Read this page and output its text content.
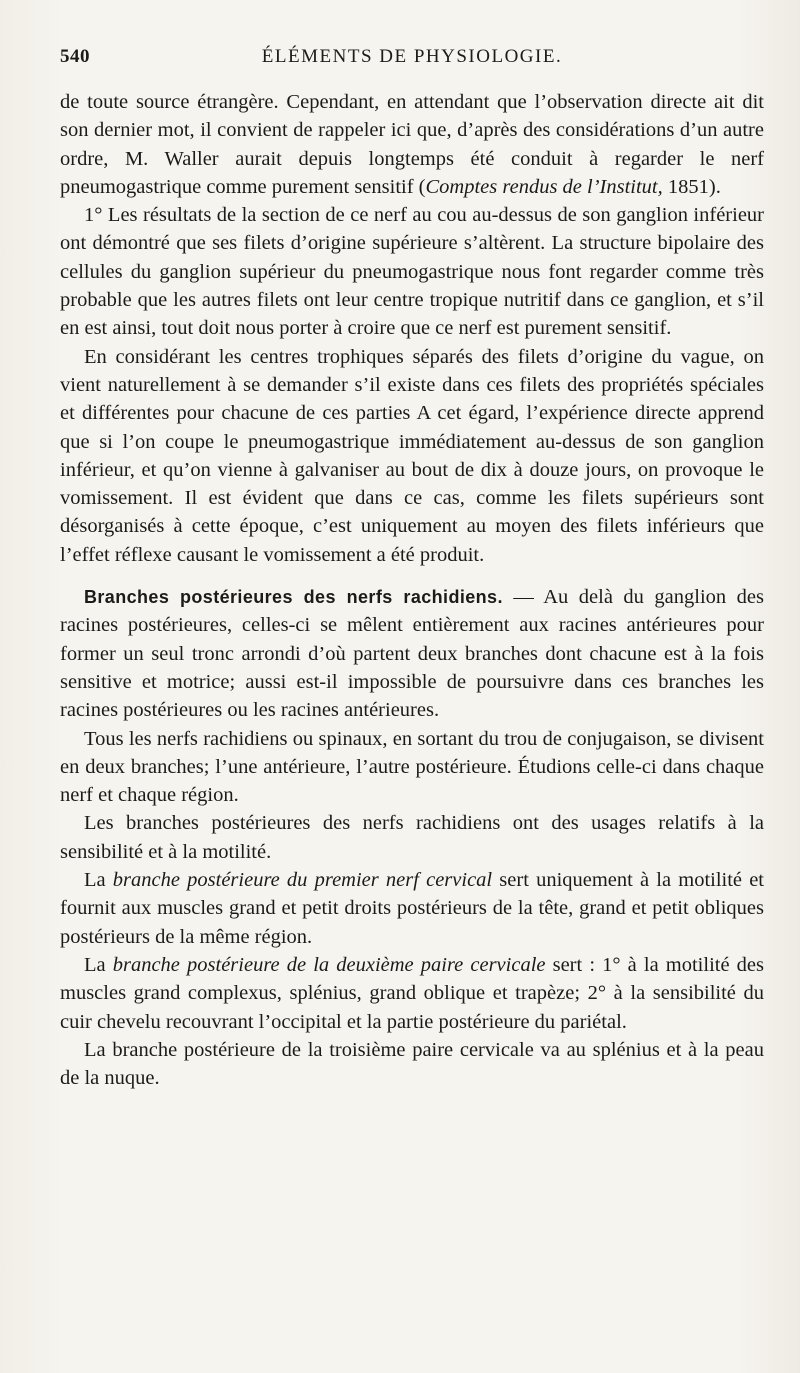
540	ÉLÉMENTS DE PHYSIOLOGIE.

de toute source étrangère. Cependant, en attendant que l’observation directe ait dit son dernier mot, il convient de rappeler ici que, d’après des considérations d’un autre ordre, M. Waller aurait depuis longtemps été conduit à regarder le nerf pneumogastrique comme purement sensitif (Comptes rendus de l’Institut, 1851).

1° Les résultats de la section de ce nerf au cou au-dessus de son ganglion inférieur ont démontré que ses filets d’origine supérieure s’altèrent. La structure bipolaire des cellules du ganglion supérieur du pneumogastrique nous font regarder comme très probable que les autres filets ont leur centre tropique nutritif dans ce ganglion, et s’il en est ainsi, tout doit nous porter à croire que ce nerf est purement sensitif.

En considérant les centres trophiques séparés des filets d’origine du vague, on vient naturellement à se demander s’il existe dans ces filets des propriétés spéciales et différentes pour chacune de ces parties A cet égard, l’expérience directe apprend que si l’on coupe le pneumogastrique immédiatement au-dessus de son ganglion inférieur, et qu’on vienne à galvaniser au bout de dix à douze jours, on provoque le vomissement. Il est évident que dans ce cas, comme les filets supérieurs sont désorganisés à cette époque, c’est uniquement au moyen des filets inférieurs que l’effet réflexe causant le vomissement a été produit.

Branches postérieures des nerfs rachidiens. — Au delà du ganglion des racines postérieures, celles-ci se mêlent entièrement aux racines antérieures pour former un seul tronc arrondi d’où partent deux branches dont chacune est à la fois sensitive et motrice; aussi est-il impossible de poursuivre dans ces branches les racines postérieures ou les racines antérieures.

Tous les nerfs rachidiens ou spinaux, en sortant du trou de conjugaison, se divisent en deux branches; l’une antérieure, l’autre postérieure. Étudions celle-ci dans chaque nerf et chaque région.

Les branches postérieures des nerfs rachidiens ont des usages relatifs à la sensibilité et à la motilité.

La branche postérieure du premier nerf cervical sert uniquement à la motilité et fournit aux muscles grand et petit droits postérieurs de la tête, grand et petit obliques postérieurs de la même région.

La branche postérieure de la deuxième paire cervicale sert : 1° à la motilité des muscles grand complexus, splénius, grand oblique et trapèze; 2° à la sensibilité du cuir chevelu recouvrant l’occipital et la partie postérieure du pariétal.

La branche postérieure de la troisième paire cervicale va au splénius et à la peau de la nuque.
